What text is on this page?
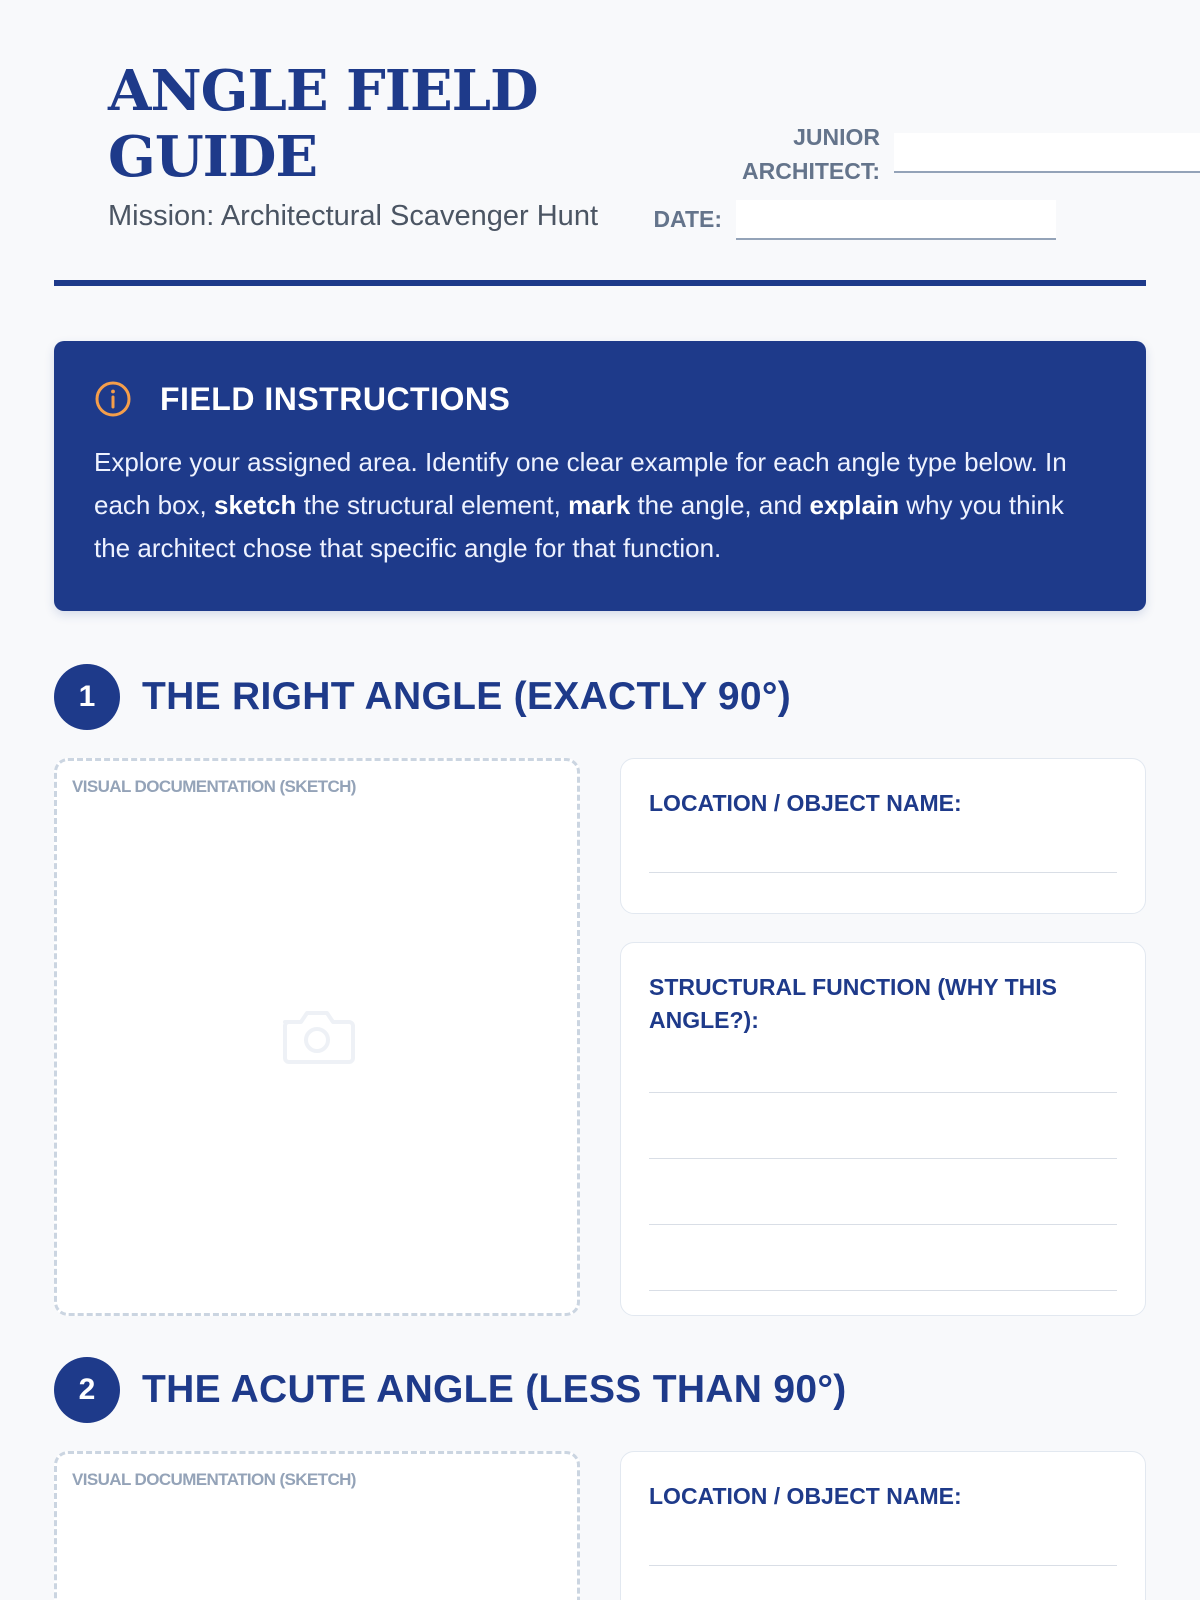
ANGLE FIELD GUIDE
Mission: Architectural Scavenger Hunt
JUNIOR ARCHITECT:
DATE:
FIELD INSTRUCTIONS

Explore your assigned area. Identify one clear example for each angle type below. In each box, sketch the structural element, mark the angle, and explain why you think the architect chose that specific angle for that function.

1	THE RIGHT ANGLE (EXACTLY 90°)
VISUAL DOCUMENTATION (SKETCH)
LOCATION / OBJECT NAME:
STRUCTURAL FUNCTION (WHY THIS ANGLE?):
2	THE ACUTE ANGLE (LESS THAN 90°)
VISUAL DOCUMENTATION (SKETCH)
LOCATION / OBJECT NAME:
